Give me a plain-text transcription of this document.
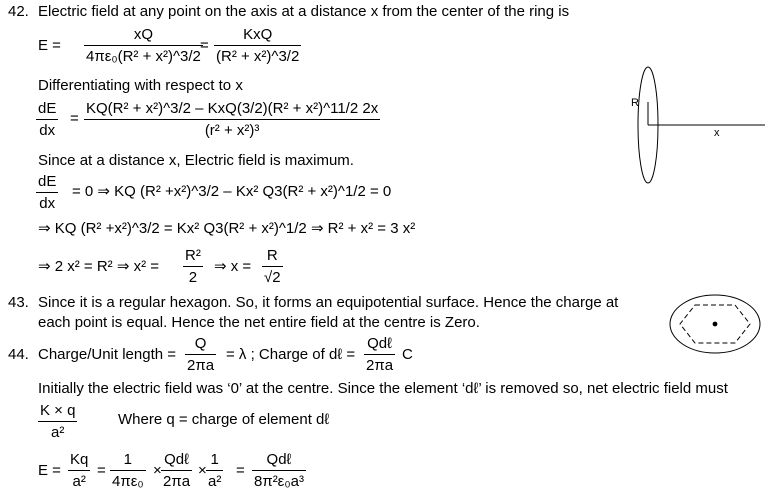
42. Electric field at any point on the axis at a distance x from the center of the ring is
E =
xQ
4πε₀(R² + x²)^3/2
=
KxQ
(R² + x²)^3/2
Differentiating with respect to x
dE
dx
=
KQ(R² + x²)^3/2 – KxQ(3/2)(R² + x²)^11/2 2x
(r² + x²)³
Since at a distance x, Electric field is maximum.
dE
dx
= 0 ⇒ KQ (R² +x²)^3/2 – Kx² Q3(R² + x²)^1/2 = 0
⇒ KQ (R² +x²)^3/2 = Kx² Q3(R² + x²)^1/2 ⇒ R² + x² = 3 x²
⇒ 2 x² = R² ⇒ x² =
R²
2
⇒ x =
R
√2
R
x
43. Since it is a regular hexagon. So, it forms an equipotential surface. Hence the charge at
each point is equal. Hence the net entire field at the centre is Zero.
44. Charge/Unit length =
Q
2πa
= λ ; Charge of dℓ =
Qdℓ
2πa
C
Initially the electric field was ‘0’ at the centre. Since the element ‘dℓ’ is removed so, net electric field must
K × q
a²
Where q = charge of element dℓ
E =
Kq
a²
=
1
4πε₀
×
Qdℓ
2πa
×
1
a²
=
Qdℓ
8π²ε₀a³
